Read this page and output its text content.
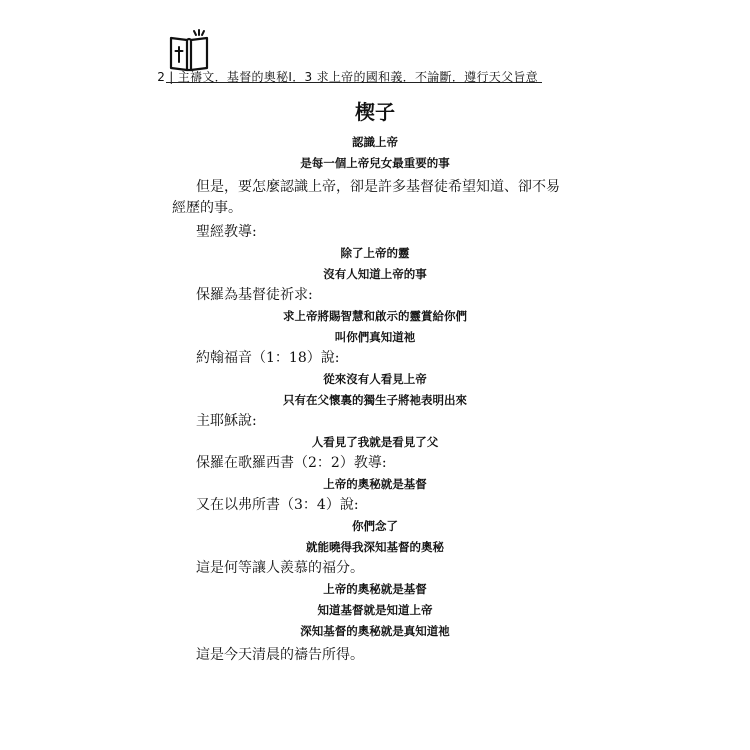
2 | 主禱文．基督的奧秘Ⅰ．3 求上帝的國和義．不論斷．遵行天父旨意
楔子
認識上帝
是每一個上帝兒女最重要的事
但是，要怎麼認識上帝，卻是許多基督徒希望知道、卻不易
經歷的事。
聖經教導:
除了上帝的靈
沒有人知道上帝的事
保羅為基督徒祈求:
求上帝將賜智慧和啟示的靈賞給你們
叫你們真知道祂
約翰福音（1：18）說:
從來沒有人看見上帝
只有在父懷裏的獨生子將祂表明出來
主耶穌說:
人看見了我就是看見了父
保羅在歌羅西書（2：2）教導:
上帝的奧秘就是基督
又在以弗所書（3：4）說:
你們念了
就能曉得我深知基督的奧秘
這是何等讓人羨慕的福分。
上帝的奧秘就是基督
知道基督就是知道上帝
深知基督的奧秘就是真知道祂
這是今天清晨的禱告所得。
